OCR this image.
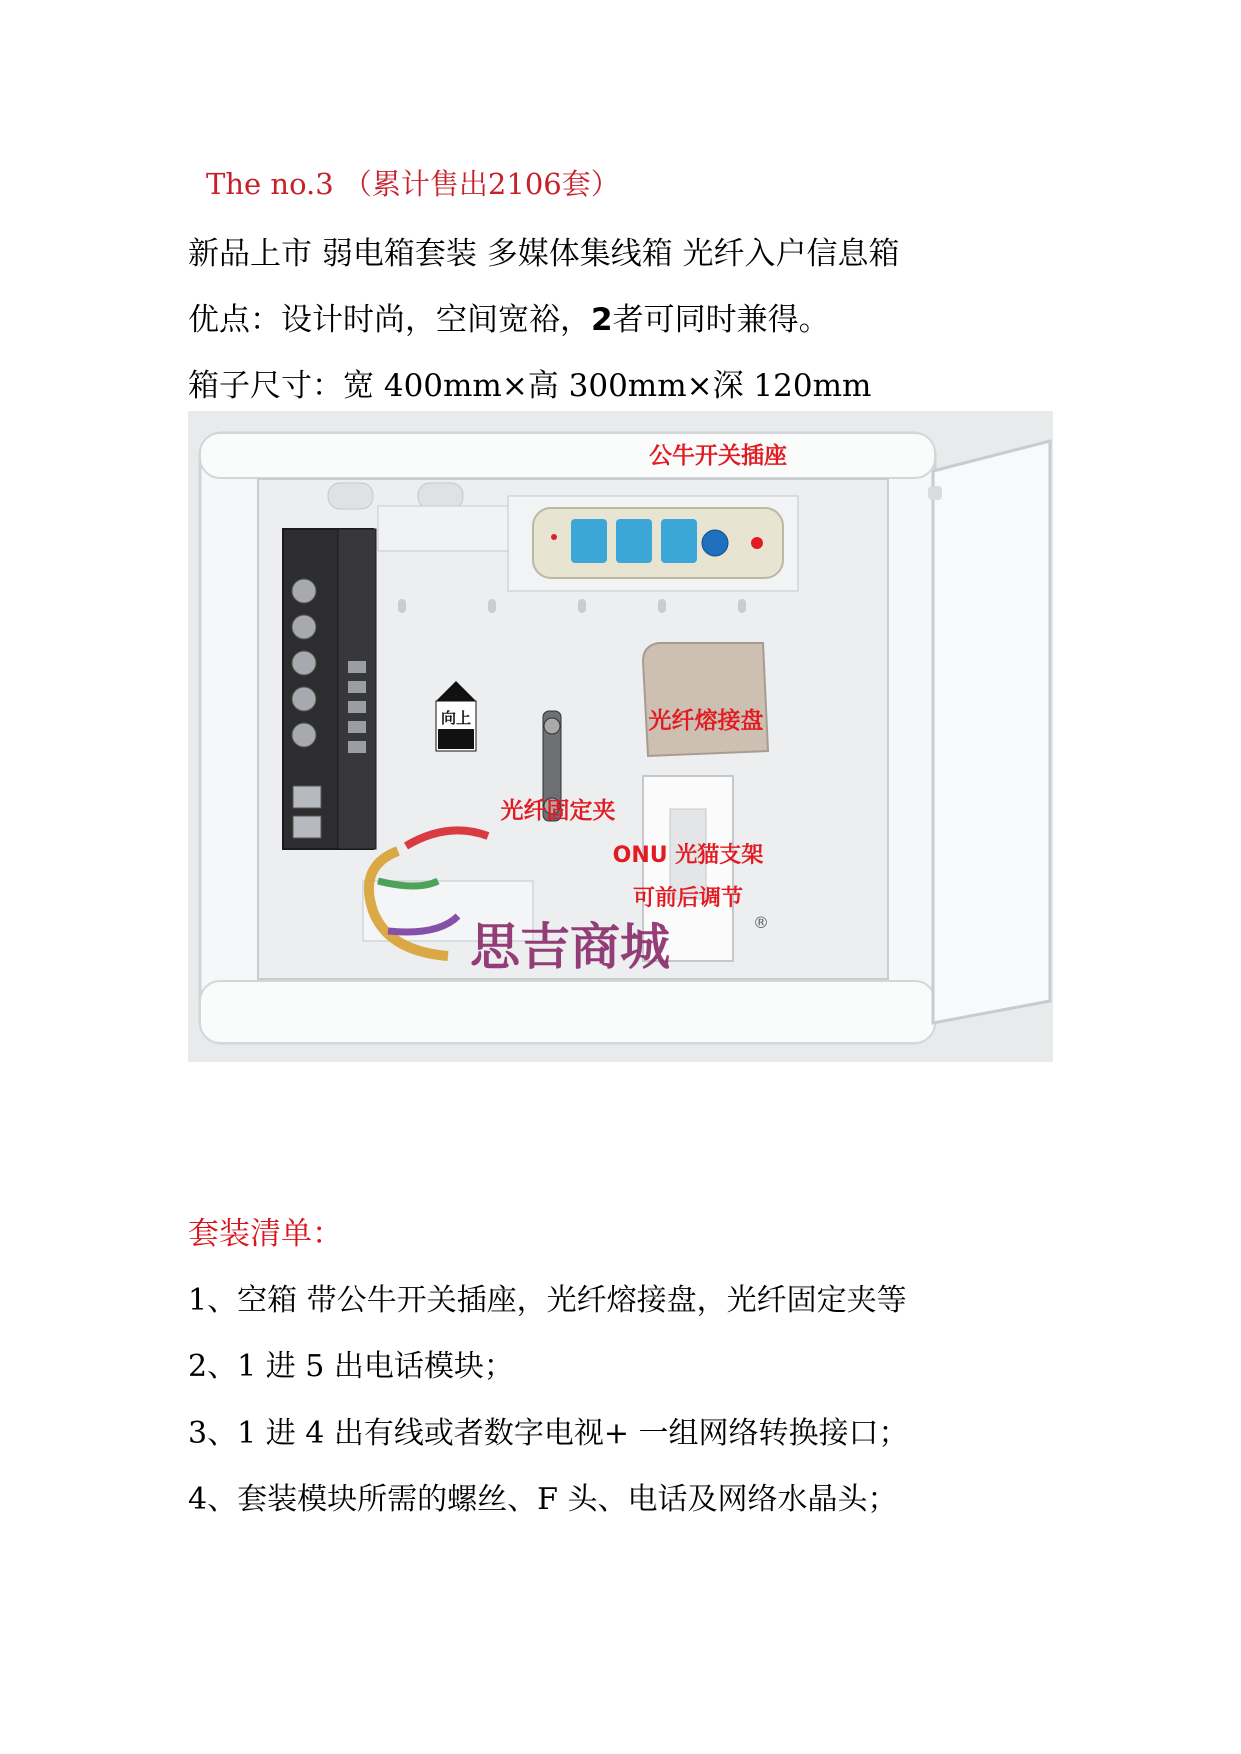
The no.3 （累计售出2106套）
新品上市 弱电箱套装 多媒体集线箱 光纤入户信息箱
优点：设计时尚，空间宽裕，2者可同时兼得。
箱子尺寸：宽 400mm×高 300mm×深 120mm
向上
思吉商城	®
公牛开关插座
光纤熔接盘
光纤固定夹
ONU 光猫支架
可前后调节
套装清单：
1、空箱 带公牛开关插座，光纤熔接盘，光纤固定夹等
2、1 进 5 出电话模块；
3、1 进 4 出有线或者数字电视+ 一组网络转换接口；
4、套装模块所需的螺丝、F 头、电话及网络水晶头；
